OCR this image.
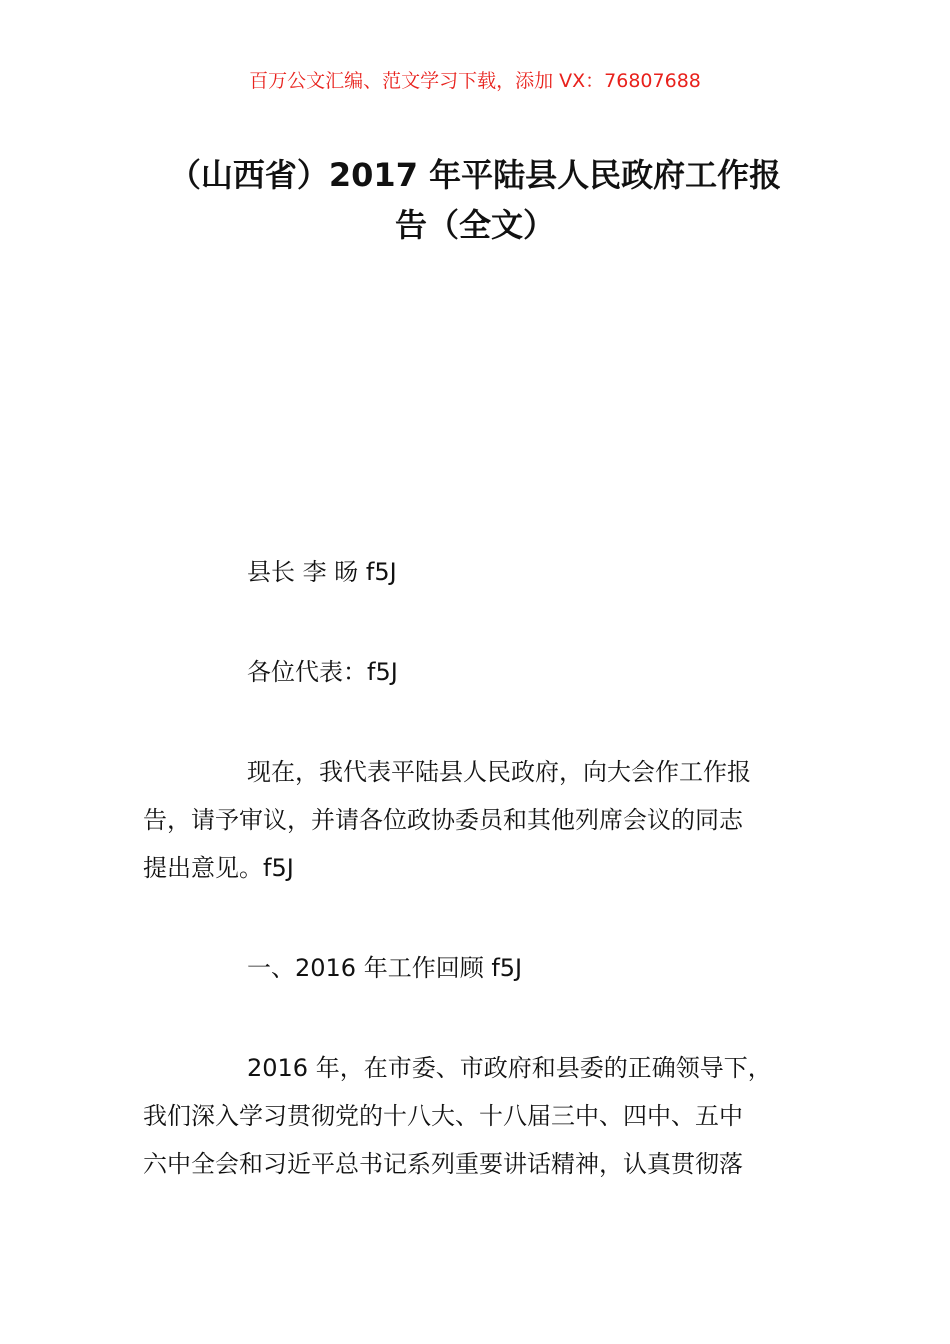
百万公文汇编、范文学习下载，添加 VX：76807688
（山西省）2017 年平陆县人民政府工作报
告（全文）

县长 李 旸 f5J

各位代表：f5J

现在，我代表平陆县人民政府，向大会作工作报
告，请予审议，并请各位政协委员和其他列席会议的同志
提出意见。f5J

一、2016 年工作回顾 f5J

2016 年，在市委、市政府和县委的正确领导下，
我们深入学习贯彻党的十八大、十八届三中、四中、五中
六中全会和习近平总书记系列重要讲话精神，认真贯彻落
